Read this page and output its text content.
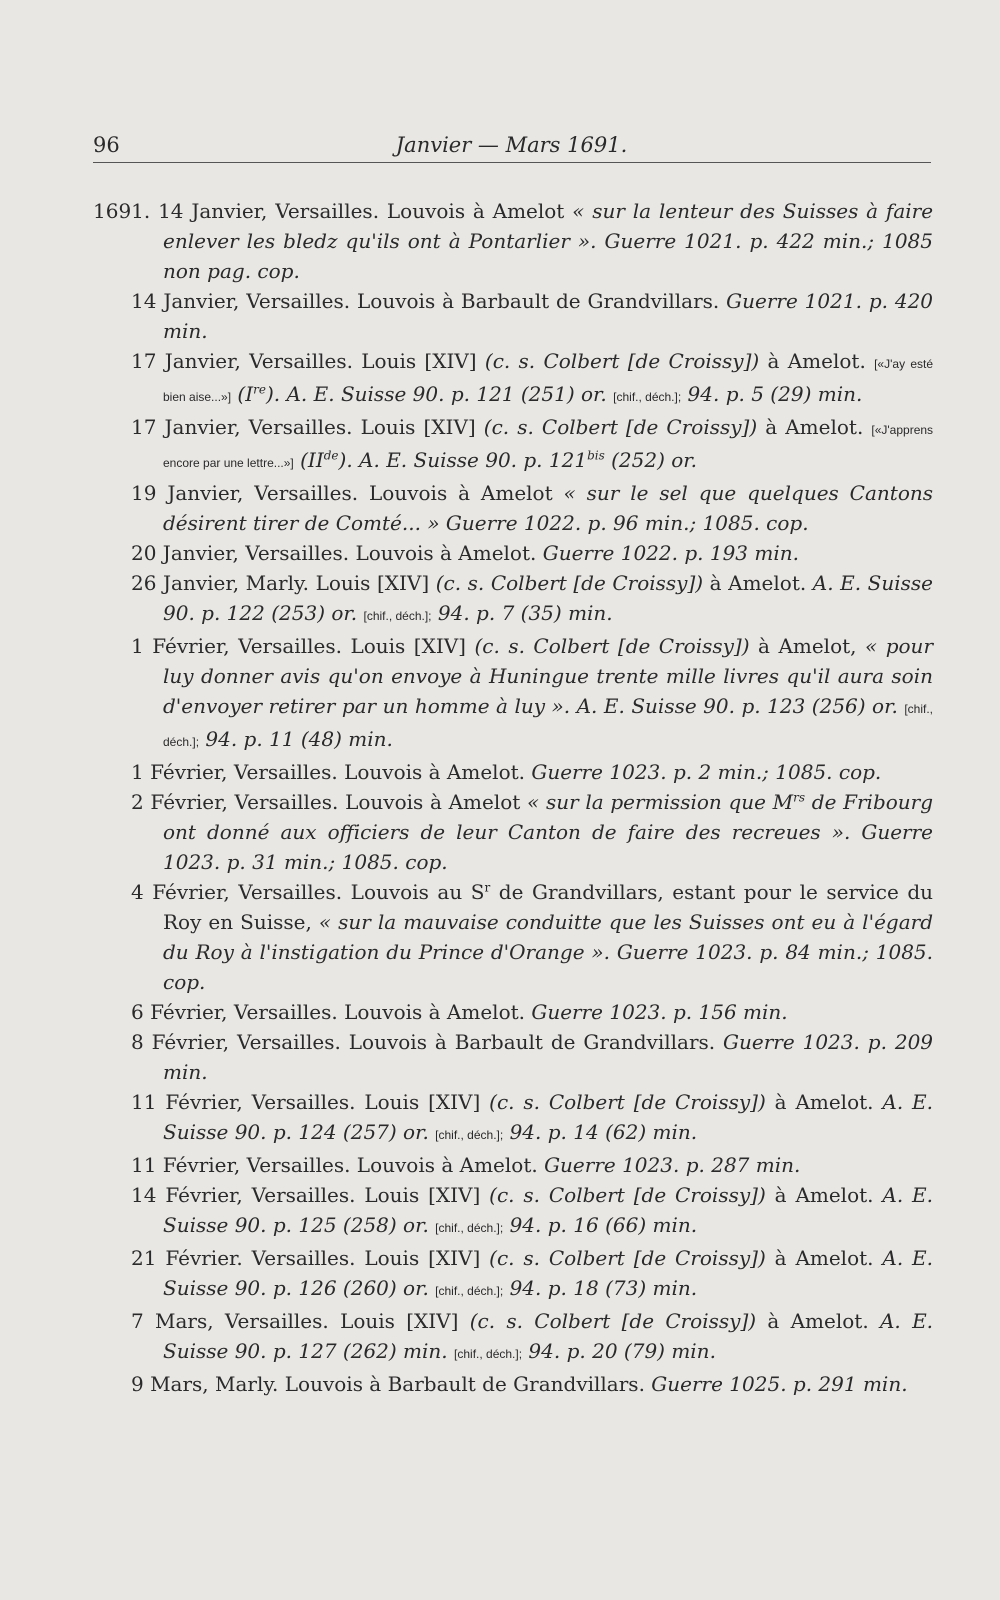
96	Janvier — Mars 1691.

1691. 14 Janvier, Versailles. Louvois à Amelot « sur la lenteur des Suisses à faire enlever les bledz qu'ils ont à Pontarlier ». Guerre 1021. p. 422 min.; 1085 non pag. cop.

14 Janvier, Versailles. Louvois à Barbault de Grandvillars. Guerre 1021. p. 420 min.

17 Janvier, Versailles. Louis [XIV] (c. s. Colbert [de Croissy]) à Amelot. [«J'ay esté bien aise...»] (Ire). A. E. Suisse 90. p. 121 (251) or. [chif., déch.]; 94. p. 5 (29) min.

17 Janvier, Versailles. Louis [XIV] (c. s. Colbert [de Croissy]) à Amelot. [«J'apprens encore par une lettre...»] (IIde). A. E. Suisse 90. p. $121^{bis}$ (252) or.

19 Janvier, Versailles. Louvois à Amelot « sur le sel que quelques Cantons désirent tirer de Comté... » Guerre 1022. p. 96 min.; 1085. cop.

20 Janvier, Versailles. Louvois à Amelot. Guerre 1022. p. 193 min.

26 Janvier, Marly. Louis [XIV] (c. s. Colbert [de Croissy]) à Amelot. A. E. Suisse 90. p. 122 (253) or. [chif., déch.]; 94. p. 7 (35) min.

1 Février, Versailles. Louis [XIV] (c. s. Colbert [de Croissy]) à Amelot, « pour luy donner avis qu'on envoye à Huningue trente mille livres qu'il aura soin d'envoyer retirer par un homme à luy ». A. E. Suisse 90. p. 123 (256) or. [chif., déch.]; 94. p. 11 (48) min.

1 Février, Versailles. Louvois à Amelot. Guerre 1023. p. 2 min.; 1085. cop.

2 Février, Versailles. Louvois à Amelot « sur la permission que $M^{rs}$ de Fribourg ont donné aux officiers de leur Canton de faire des recreues ». Guerre 1023. p. 31 min.; 1085. cop.

4 Février, Versailles. Louvois au $S^r$ de Grandvillars, estant pour le service du Roy en Suisse, « sur la mauvaise conduitte que les Suisses ont eu à l'égard du Roy à l'instigation du Prince d'Orange ». Guerre 1023. p. 84 min.; 1085. cop.

6 Février, Versailles. Louvois à Amelot. Guerre 1023. p. 156 min.

8 Février, Versailles. Louvois à Barbault de Grandvillars. Guerre 1023. p. 209 min.

11 Février, Versailles. Louis [XIV] (c. s. Colbert [de Croissy]) à Amelot. A. E. Suisse 90. p. 124 (257) or. [chif., déch.]; 94. p. 14 (62) min.

11 Février, Versailles. Louvois à Amelot. Guerre 1023. p. 287 min.

14 Février, Versailles. Louis [XIV] (c. s. Colbert [de Croissy]) à Amelot. A. E. Suisse 90. p. 125 (258) or. [chif., déch.]; 94. p. 16 (66) min.

21 Février. Versailles. Louis [XIV] (c. s. Colbert [de Croissy]) à Amelot. A. E. Suisse 90. p. 126 (260) or. [chif., déch.]; 94. p. 18 (73) min.

7 Mars, Versailles. Louis [XIV] (c. s. Colbert [de Croissy]) à Amelot. A. E. Suisse 90. p. 127 (262) min. [chif., déch.]; 94. p. 20 (79) min.

9 Mars, Marly. Louvois à Barbault de Grandvillars. Guerre 1025. p. 291 min.
